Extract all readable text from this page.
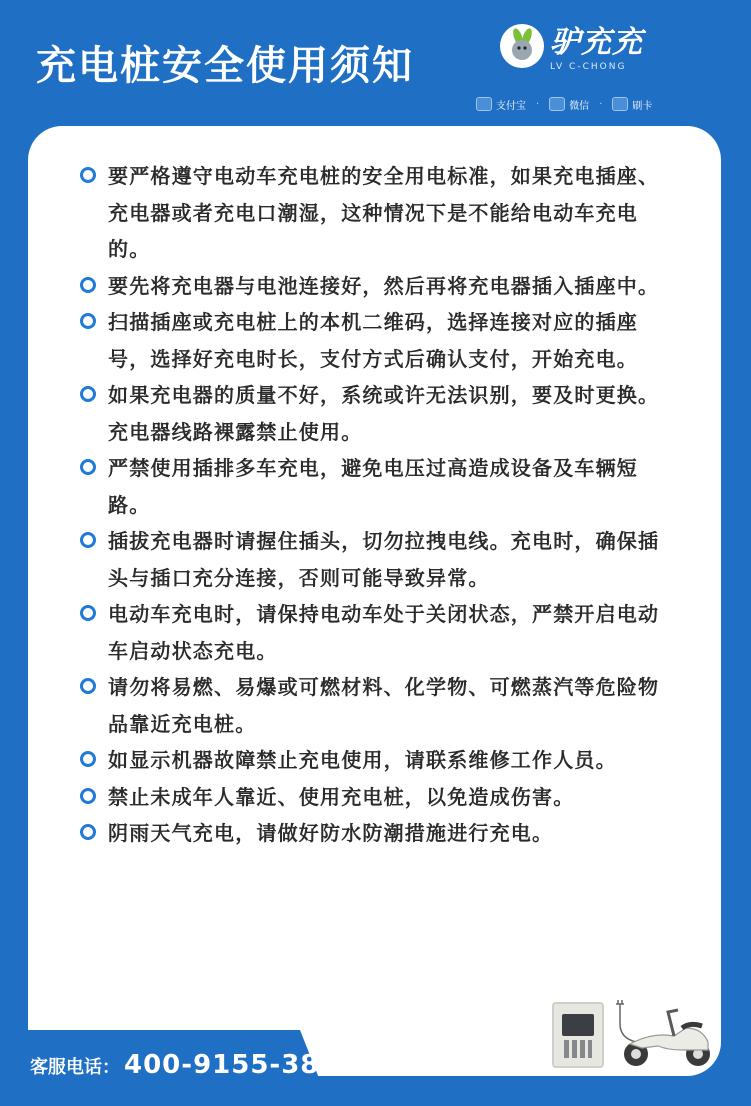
充电桩安全使用须知
驴充充
LV C-CHONG
支付宝 ·	微信 ·	刷卡
要严格遵守电动车充电桩的安全用电标准，如果充电插座、充电器或者充电口潮湿，这种情况下是不能给电动车充电的。
要先将充电器与电池连接好，然后再将充电器插入插座中。
扫描插座或充电桩上的本机二维码，选择连接对应的插座号，选择好充电时长，支付方式后确认支付，开始充电。
如果充电器的质量不好，系统或许无法识别，要及时更换。充电器线路裸露禁止使用。
严禁使用插排多车充电，避免电压过高造成设备及车辆短路。
插拔充电器时请握住插头，切勿拉拽电线。充电时，确保插头与插口充分连接，否则可能导致异常。
电动车充电时，请保持电动车处于关闭状态，严禁开启电动车启动状态充电。
请勿将易燃、易爆或可燃材料、化学物、可燃蒸汽等危险物品靠近充电桩。
如显示机器故障禁止充电使用，请联系维修工作人员。
禁止未成年人靠近、使用充电桩，以免造成伤害。
阴雨天气充电，请做好防水防潮措施进行充电。
客服电话： 400-9155-388
